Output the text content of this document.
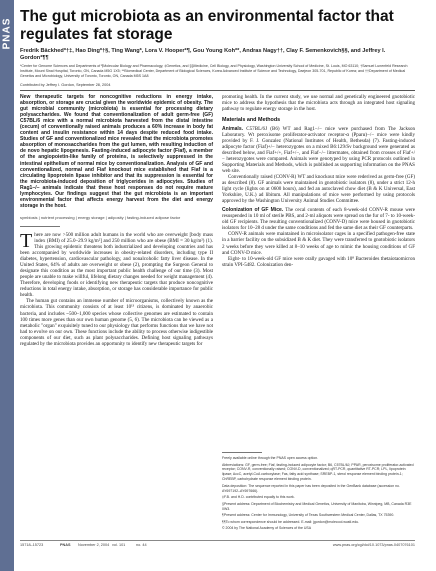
PNAS
The gut microbiota as an environmental factor that regulates fat storage

Fredrik Bäckhed*†‡, Hao Ding*†§, Ting Wang*, Lora V. Hooper*¶, Gou Young Koh**, Andras Nagy††, Clay F. Semenkovich§§, and Jeffrey I. Gordon*¶¶

*Center for Genome Sciences and Departments of ¶Molecular Biology and Pharmacology, ‡Genetics, and §§Medicine, Cell Biology, and Physiology, Washington University School of Medicine, St. Louis, MO 63110; †Samuel Lunenfeld Research Institute, Mount Sinai Hospital, Toronto, ON, Canada M5G 1X5; **Biomedical Center, Department of Biological Sciences, Korea Advanced Institute of Science and Technology, Daejeon 305-701, Republic of Korea; and ††Department of Medical Genetics and Microbiology, University of Toronto, Toronto, ON, Canada M5S 1A8

Contributed by Jeffrey I. Gordon, September 28, 2004

New therapeutic targets for noncognitive reductions in energy intake, absorption, or storage are crucial given the worldwide epidemic of obesity. The gut microbial community (microbiota) is essential for processing dietary polysaccharides. We found that conventionalization of adult germ-free (GF) C57BL/6 mice with a normal microbiota harvested from the distal intestine (cecum) of conventionally raised animals produces a 60% increase in body fat content and insulin resistance within 14 days despite reduced food intake. Studies of GF and conventionalized mice revealed that the microbiota promotes absorption of monosaccharides from the gut lumen, with resulting induction of de novo hepatic lipogenesis. Fasting-induced adipocyte factor (Fiaf), a member of the angiopoietin-like family of proteins, is selectively suppressed in the intestinal epithelium of normal mice by conventionalization. Analysis of GF and conventionalized, normal and Fiaf knockout mice established that Fiaf is a circulating lipoprotein lipase inhibitor and that its suppression is essential for the microbiota-induced deposition of triglycerides in adipocytes. Studies of Rag1−/− animals indicate that these host responses do not require mature lymphocytes. Our findings suggest that the gut microbiota is an important environmental factor that affects energy harvest from the diet and energy storage in the host.

symbiosis | nutrient processing | energy storage | adiposity | fasting-induced adipose factor

There are now >500 million adult humans in the world who are overweight [body mass index (BMI) of 25.0–29.9 kg/m²] and 250 million who are obese (BMI = 30 kg/m²) (1). This growing epidemic threatens both industrialized and developing countries and has been accompanied by worldwide increases in obesity-related disorders, including type II diabetes, hypertension, cardiovascular pathology, and nonalcoholic fatty liver disease. In the United States, 64% of adults are overweight or obese (2), prompting the Surgeon General to designate this condition as the most important public health challenge of our time (3). Most people are unable to make willful, lifelong dietary changes needed for weight management (4). Therefore, developing foods or identifying new therapeutic targets that produce noncognitive reductions in total energy intake, absorption, or storage has considerable importance for public health.

The human gut contains an immense number of microorganisms, collectively known as the microbiota. This community consists of at least 10¹³ citizens, is dominated by anaerobic bacteria, and includes ~500–1,000 species whose collective genomes are estimated to contain 100 times more genes than our own human genome (5, 6). The microbiota can be viewed as a metabolic "organ" exquisitely tuned to our physiology that performs functions that we have not had to evolve on our own. These functions include the ability to process otherwise indigestible components of our diet, such as plant polysaccharides. Defining host signaling pathways regulated by the microbiota provides an opportunity to identify new therapeutic targets for

promoting health. In the current study, we use normal and genetically engineered gnotobiotic mice to address the hypothesis that the microbiota acts through an integrated host signaling pathway to regulate energy storage in the host.

Materials and Methods

Animals. C57BL/6J (B6) WT and Rag1−/− mice were purchased from The Jackson Laboratory. Wt peroxisome proliferator-activator receptor-α (Pparα)−/− mice were kindly provided by F. J. Gonzalez (National Institutes of Health, Bethesda) (7). Fasting-induced adipocyte factor (Fiaf)+/− heterozygotes on a mixed B6:129/Sv background were generated as described below, and Fiaf+/+, Fiaf+/−, and Fiaf−/− littermates, obtained from crosses of Fiaf+/− heterozygotes were compared. Animals were genotyped by using PCR protocols outlined in Supporting Materials and Methods, which is published as supporting information on the PNAS web site.

Conventionally raised (CONV-R) WT and knockout mice were rederived as germ-free (GF) as described (8). GF animals were maintained in gnotobiotic isolators (8), under a strict 12-h light cycle (lights on at 0600 hours), and fed an autoclaved chow diet (B & K Universal, East Yorkshire, U.K.) ad libitum. All manipulations of mice were performed by using protocols approved by the Washington University Animal Studies Committee.

Colonization of GF Mice. The cecal contents of each 8-week-old CONV-R mouse were resuspended in 10 ml of sterile PBS, and 2-ml aliquots were spread on the fur of 7- to 10-week-old GF recipients. The resulting conventionalized (CONV-D) mice were housed in gnotobiotic isolators for 10–28 d under the same conditions and fed the same diet as their GF counterparts.

CONV-R animals were maintained in microisolator cages in a specified pathogen-free state in a barrier facility on the subsidized B & K diet. They were transferred to gnotobiotic isolators 2 weeks before they were killed at 8–10 weeks of age to mimic the housing conditions of GF and CONV-D mice.

Eight- to 10-week-old GF mice were orally gavaged with 10⁸ Bacteroides thetaiotaomicron strain VPI-5482. Colonization den-

Freely available online through the PNAS open access option.

Abbreviations: GF, germ-free; Fiaf, fasting-induced adipocyte factor; B6, C57BL/6J; PPAR, peroxisome proliferator-activated receptor; CONV-R, conventionally raised; CONV-D, conventionalized; qRT-PCR, quantitative RT-PCR; LPL, lipoprotein lipase; AccC, acetyl-CoA carboxylase; Fas, fatty acid synthase; SREBP-1, sterol response element binding protein-1; ChREBP, carbohydrate response element binding protein.

Data deposition: The sequence reported in this paper has been deposited in the GenBank database (accession no. AY697192–AY697666).

‡F.B. and H.D. contributed equally to this work.

§Present address: Department of Biochemistry and Medical Genetics, University of Manitoba, Winnipeg, MB, Canada R3E 0W3.

¶Present address: Center for Immunology, University of Texas Southwestern Medical Center, Dallas, TX 75390.

¶¶To whom correspondence should be addressed. E-mail: jgordon@molecool.wustl.edu.

© 2004 by The National Academy of Sciences of the USA

15718–15723	PNAS November 2, 2004 vol. 101	no. 44	www.pnas.org/cgi/doi/10.1073/pnas.0407076101
